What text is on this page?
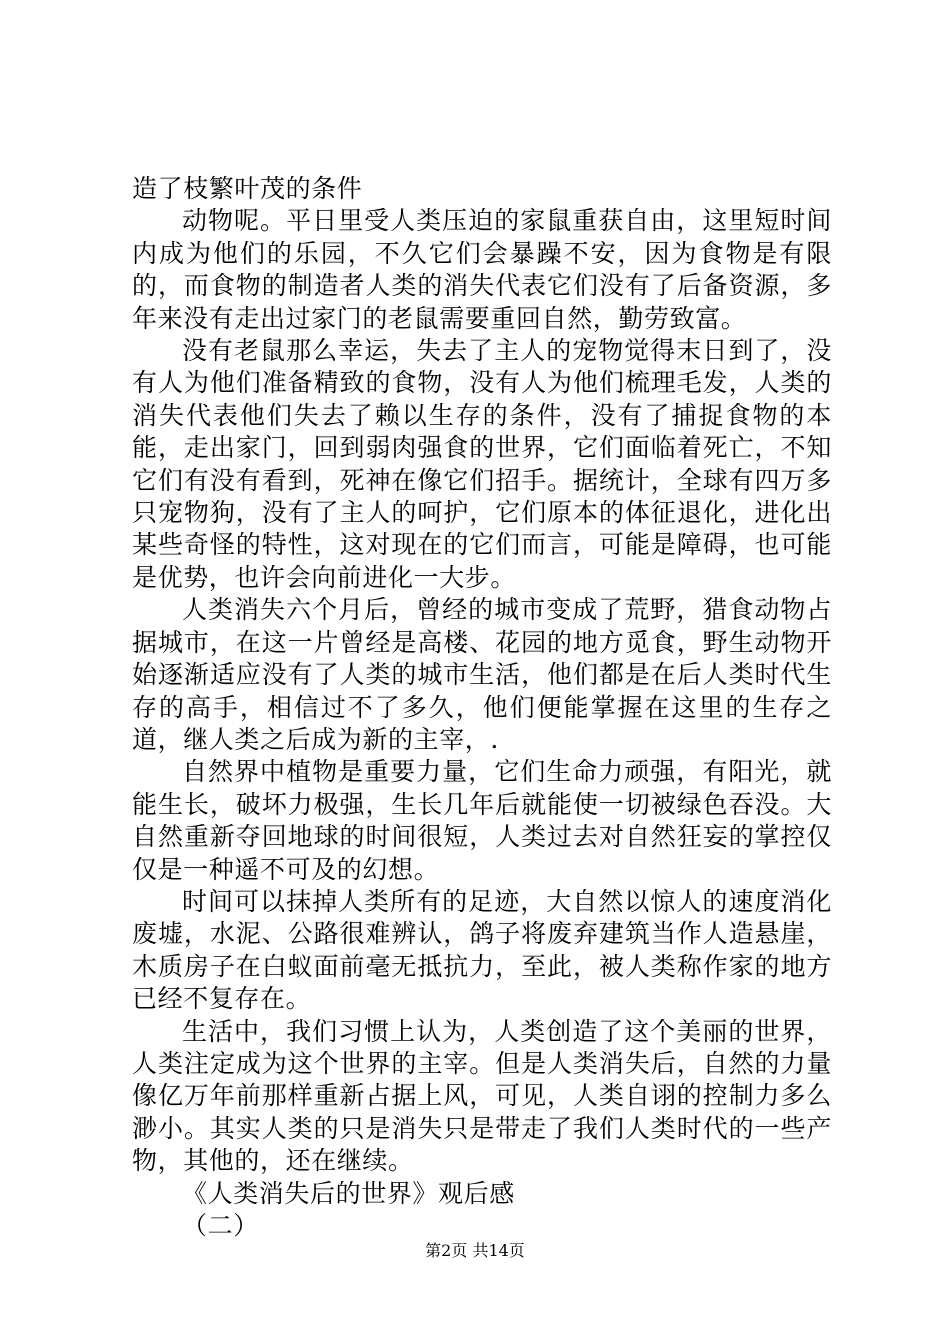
造了枝繁叶茂的条件

动物呢。平日里受人类压迫的家鼠重获自由，这里短时间内成为他们的乐园，不久它们会暴躁不安，因为食物是有限的，而食物的制造者人类的消失代表它们没有了后备资源，多年来没有走出过家门的老鼠需要重回自然，勤劳致富。

没有老鼠那么幸运，失去了主人的宠物觉得末日到了，没有人为他们准备精致的食物，没有人为他们梳理毛发，人类的消失代表他们失去了赖以生存的条件，没有了捕捉食物的本能，走出家门，回到弱肉强食的世界，它们面临着死亡，不知它们有没有看到，死神在像它们招手。据统计，全球有四万多只宠物狗，没有了主人的呵护，它们原本的体征退化，进化出某些奇怪的特性，这对现在的它们而言，可能是障碍，也可能是优势，也许会向前进化一大步。

人类消失六个月后，曾经的城市变成了荒野，猎食动物占据城市，在这一片曾经是高楼、花园的地方觅食，野生动物开始逐渐适应没有了人类的城市生活，他们都是在后人类时代生存的高手，相信过不了多久，他们便能掌握在这里的生存之道，继人类之后成为新的主宰，.

自然界中植物是重要力量，它们生命力顽强，有阳光，就能生长，破坏力极强，生长几年后就能使一切被绿色吞没。大自然重新夺回地球的时间很短，人类过去对自然狂妄的掌控仅仅是一种遥不可及的幻想。

时间可以抹掉人类所有的足迹，大自然以惊人的速度消化废墟，水泥、公路很难辨认，鸽子将废弃建筑当作人造悬崖，木质房子在白蚁面前毫无抵抗力，至此，被人类称作家的地方已经不复存在。

生活中，我们习惯上认为，人类创造了这个美丽的世界，人类注定成为这个世界的主宰。但是人类消失后，自然的力量像亿万年前那样重新占据上风，可见，人类自诩的控制力多么渺小。其实人类的只是消失只是带走了我们人类时代的一些产物，其他的，还在继续。

《人类消失后的世界》观后感

（二）

第2页 共14页
